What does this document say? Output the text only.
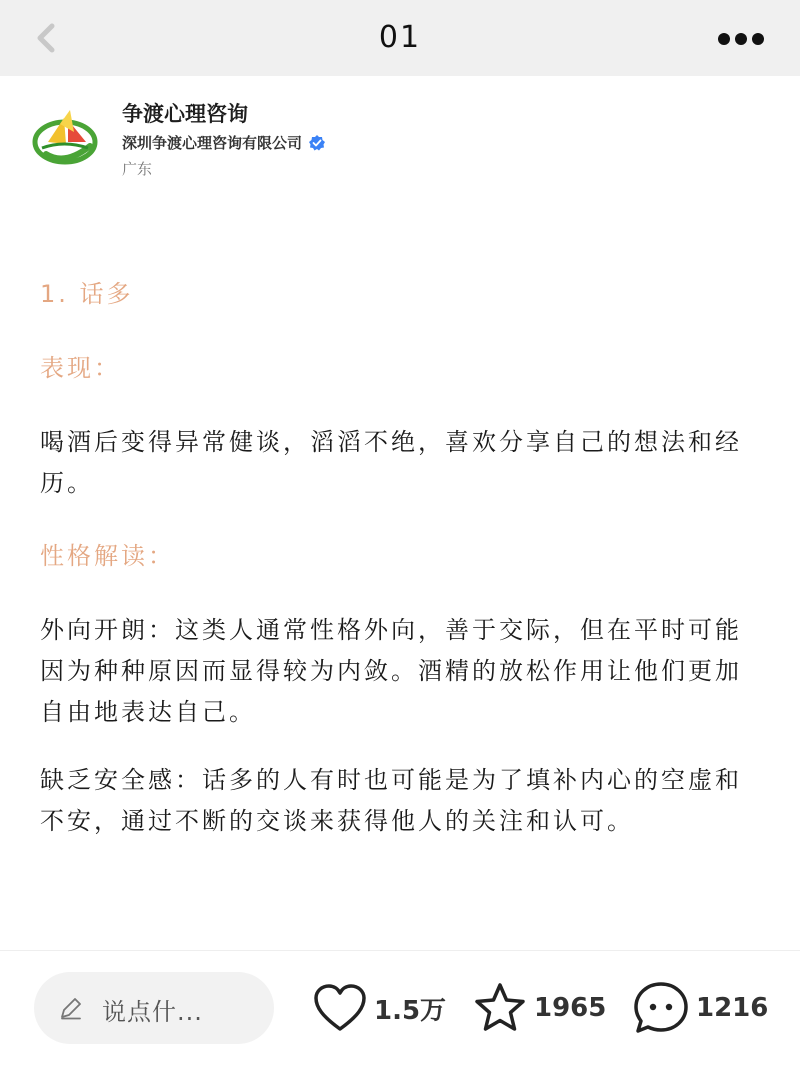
01
争渡心理咨询
深圳争渡心理咨询有限公司
广东
1. 话多
表现：
喝酒后变得异常健谈，滔滔不绝，喜欢分享自己的想法和经历。
性格解读：
外向开朗：这类人通常性格外向，善于交际，但在平时可能因为种种原因而显得较为内敛。酒精的放松作用让他们更加自由地表达自己。
缺乏安全感：话多的人有时也可能是为了填补内心的空虚和不安，通过不断的交谈来获得他人的关注和认可。
说点什...	1.5万	1965	1216
